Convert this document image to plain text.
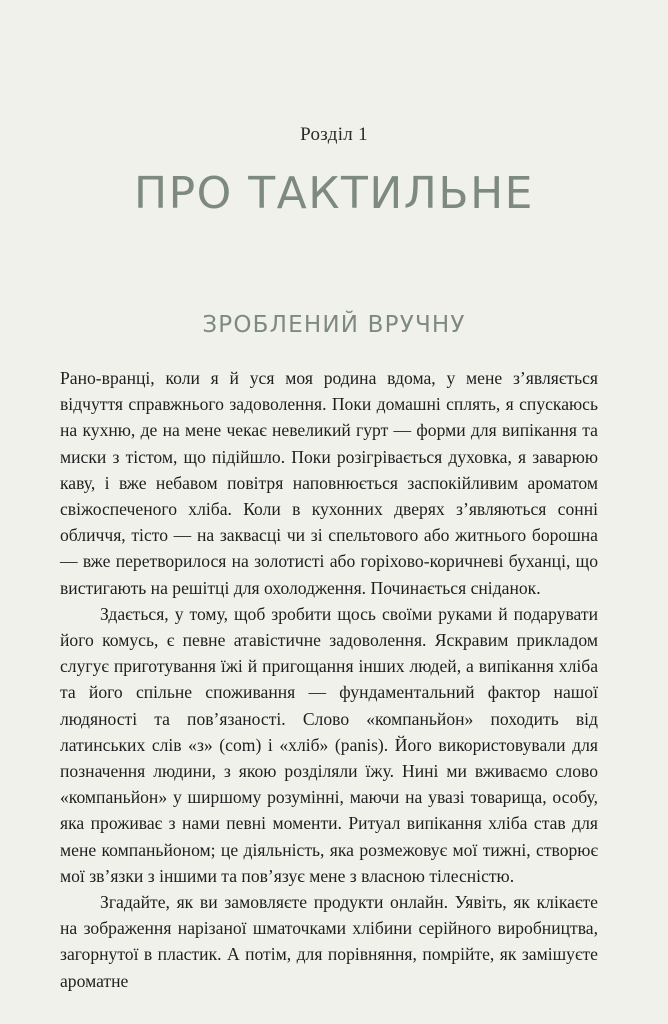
Розділ 1
ПРО ТАКТИЛЬНЕ
ЗРОБЛЕНИЙ ВРУЧНУ

Рано-вранці, коли я й уся моя родина вдома, у мене з’являється відчуття справжнього задоволення. Поки домашні сплять, я спускаюсь на кухню, де на мене чекає невеликий гурт — форми для випікання та миски з тістом, що підійшло. Поки розігрівається духовка, я заварюю каву, і вже небавом повітря наповнюється заспокійливим ароматом свіжоспеченого хліба. Коли в кухонних дверях з’являються сонні обличчя, тісто — на заквасці чи зі спельтового або житнього борошна — вже перетворилося на золотисті або горіхово-коричневі буханці, що вистигають на решітці для охолодження. Починається сніданок.

Здається, у тому, щоб зробити щось своїми руками й подарувати його комусь, є певне атавістичне задоволення. Яскравим прикладом слугує приготування їжі й пригощання інших людей, а випікання хліба та його спільне споживання — фундаментальний фактор нашої людяності та пов’язаності. Слово «компаньйон» походить від латинських слів «з» (com) і «хліб» (panis). Його використовували для позначення людини, з якою розділяли їжу. Нині ми вживаємо слово «компаньйон» у ширшому розумінні, маючи на увазі товарища, особу, яка проживає з нами певні моменти. Ритуал випікання хліба став для мене компаньйоном; це діяльність, яка розмежовує мої тижні, створює мої зв’язки з іншими та пов’язує мене з власною тілесністю.

Згадайте, як ви замовляєте продукти онлайн. Уявіть, як клікаєте на зображення нарізаної шматочками хлібини серійного виробництва, загорнутої в пластик. А потім, для порівняння, помрійте, як замішуєте ароматне
